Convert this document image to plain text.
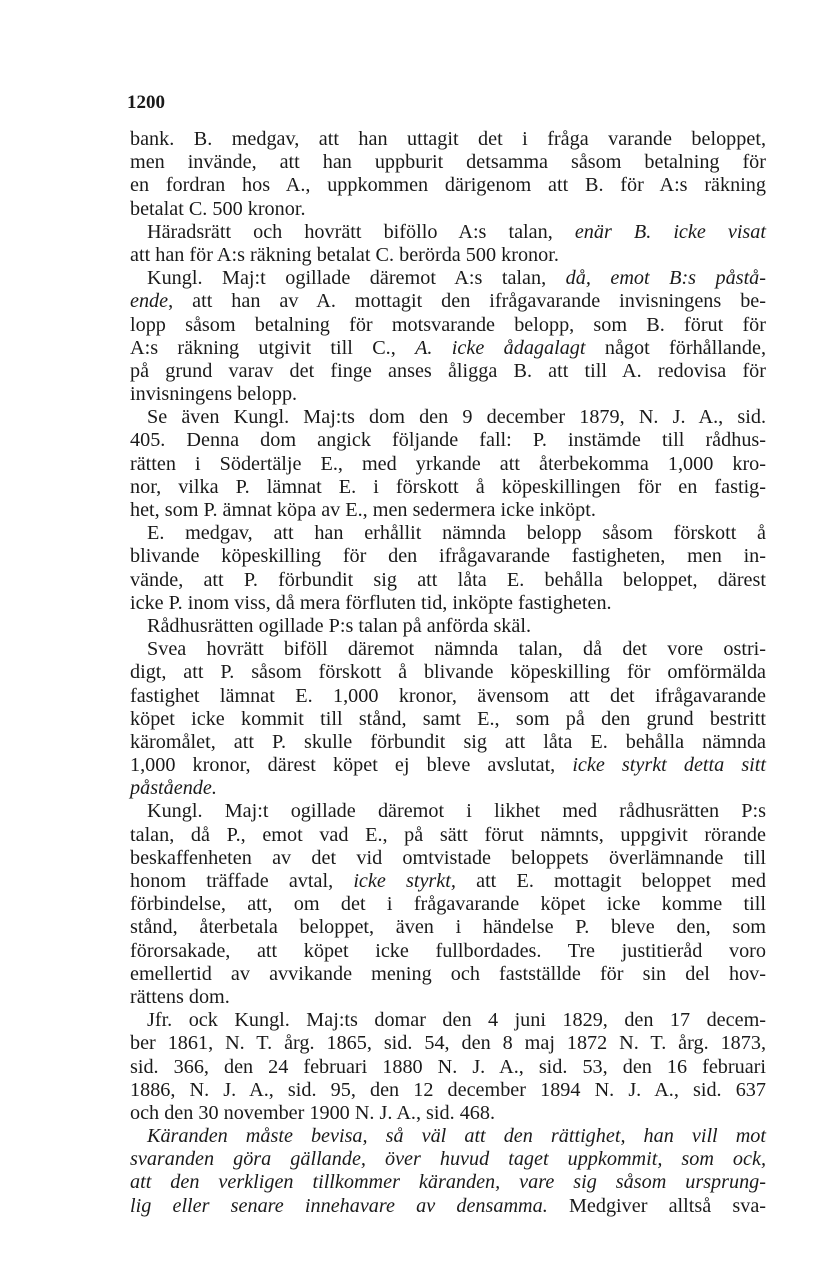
1200
bank. B. medgav, att han uttagit det i fråga varande beloppet,
men invände, att han uppburit detsamma såsom betalning för
en fordran hos A., uppkommen därigenom att B. för A:s räkning
betalat C. 500 kronor.
Häradsrätt och hovrätt biföllo A:s talan, enär B. icke visat
att han för A:s räkning betalat C. berörda 500 kronor.
Kungl. Maj:t ogillade däremot A:s talan, då, emot B:s påstå-
ende, att han av A. mottagit den ifrågavarande invisningens be-
lopp såsom betalning för motsvarande belopp, som B. förut för
A:s räkning utgivit till C., A. icke ådagalagt något förhållande,
på grund varav det finge anses åligga B. att till A. redovisa för
invisningens belopp.
Se även Kungl. Maj:ts dom den 9 december 1879, N. J. A., sid.
405. Denna dom angick följande fall: P. instämde till rådhus-
rätten i Södertälje E., med yrkande att återbekomma 1,000 kro-
nor, vilka P. lämnat E. i förskott å köpeskillingen för en fastig-
het, som P. ämnat köpa av E., men sedermera icke inköpt.
E. medgav, att han erhållit nämnda belopp såsom förskott å
blivande köpeskilling för den ifrågavarande fastigheten, men in-
vände, att P. förbundit sig att låta E. behålla beloppet, därest
icke P. inom viss, då mera förfluten tid, inköpte fastigheten.
Rådhusrätten ogillade P:s talan på anförda skäl.
Svea hovrätt biföll däremot nämnda talan, då det vore ostri-
digt, att P. såsom förskott å blivande köpeskilling för omförmälda
fastighet lämnat E. 1,000 kronor, ävensom att det ifrågavarande
köpet icke kommit till stånd, samt E., som på den grund bestritt
käromålet, att P. skulle förbundit sig att låta E. behålla nämnda
1,000 kronor, därest köpet ej bleve avslutat, icke styrkt detta sitt
påstående.
Kungl. Maj:t ogillade däremot i likhet med rådhusrätten P:s
talan, då P., emot vad E., på sätt förut nämnts, uppgivit rörande
beskaffenheten av det vid omtvistade beloppets överlämnande till
honom träffade avtal, icke styrkt, att E. mottagit beloppet med
förbindelse, att, om det i frågavarande köpet icke komme till
stånd, återbetala beloppet, även i händelse P. bleve den, som
förorsakade, att köpet icke fullbordades. Tre justitieråd voro
emellertid av avvikande mening och fastställde för sin del hov-
rättens dom.
Jfr. ock Kungl. Maj:ts domar den 4 juni 1829, den 17 decem-
ber 1861, N. T. årg. 1865, sid. 54, den 8 maj 1872 N. T. årg. 1873,
sid. 366, den 24 februari 1880 N. J. A., sid. 53, den 16 februari
1886, N. J. A., sid. 95, den 12 december 1894 N. J. A., sid. 637
och den 30 november 1900 N. J. A., sid. 468.
Käranden måste bevisa, så väl att den rättighet, han vill mot
svaranden göra gällande, över huvud taget uppkommit, som ock,
att den verkligen tillkommer käranden, vare sig såsom ursprung-
lig eller senare innehavare av densamma. Medgiver alltså sva-
